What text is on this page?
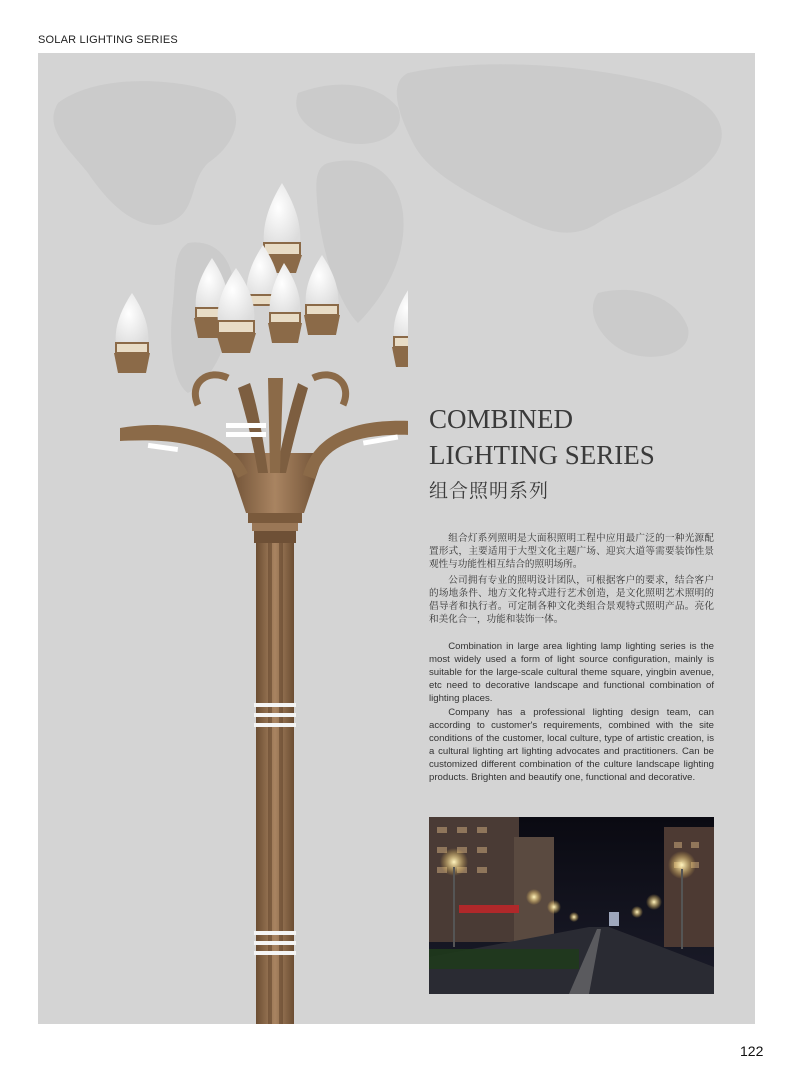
SOLAR LIGHTING SERIES
COMBINED
LIGHTING SERIES
组合照明系列

组合灯系列照明是大面积照明工程中应用最广泛的一种光源配置形式，主要适用于大型文化主题广场、迎宾大道等需要装饰性景观性与功能性相互结合的照明场所。

公司拥有专业的照明设计团队，可根据客户的要求，结合客户的场地条件、地方文化特式进行艺术创造，是文化照明艺术照明的倡导者和执行者。可定制各种文化类组合景观特式照明产品。亮化和美化合一，功能和装饰一体。

Combination in large area lighting lamp lighting series is the most widely used a form of light source configuration, mainly is suitable for the large-scale cultural theme square, yingbin avenue, etc need to decorative landscape and functional combination of lighting places.

Company has a professional lighting design team, can according to customer's requirements, combined with the site conditions of the customer, local culture, type of artistic creation, is a cultural lighting art lighting advocates and practitioners. Can be customized different combination of the culture landscape lighting products. Brighten and beautify one, functional and decorative.

122
